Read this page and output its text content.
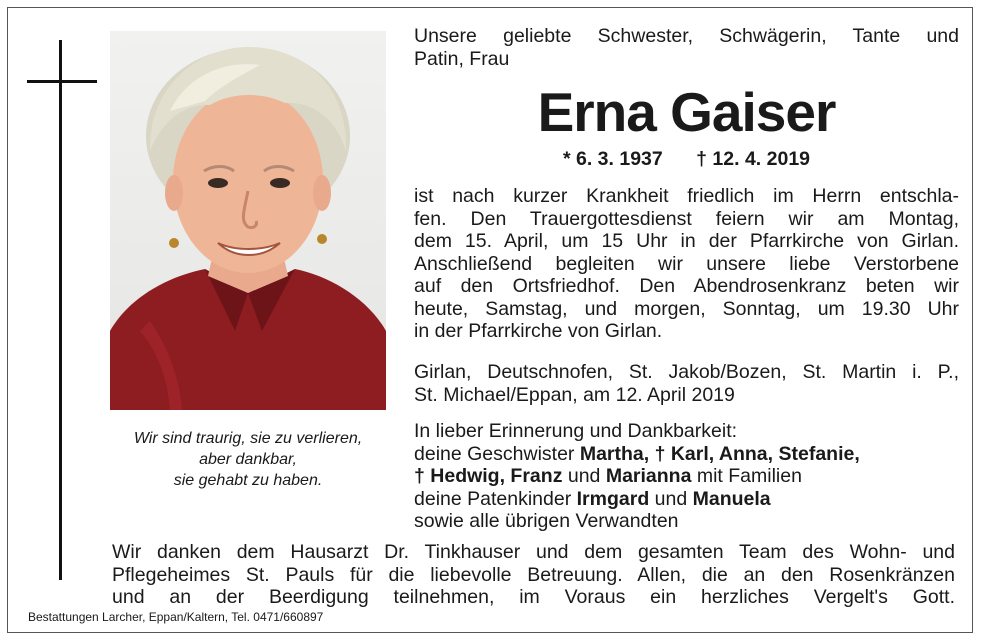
Wir sind traurig, sie zu verlieren,
aber dankbar,
sie gehabt zu haben.
Unsere geliebte Schwester, Schwägerin, Tante und
Patin, Frau
Erna Gaiser
* 6. 3. 1937 † 12. 4. 2019
ist nach kurzer Krankheit friedlich im Herrn entschla-
fen. Den Trauergottesdienst feiern wir am Montag,
dem 15. April, um 15 Uhr in der Pfarrkirche von Girlan.
Anschließend begleiten wir unsere liebe Verstorbene
auf den Ortsfriedhof. Den Abendrosenkranz beten wir
heute, Samstag, und morgen, Sonntag, um 19.30 Uhr
in der Pfarrkirche von Girlan.
Girlan, Deutschnofen, St. Jakob/Bozen, St. Martin i. P.,
St. Michael/Eppan, am 12. April 2019
In lieber Erinnerung und Dankbarkeit:
deine Geschwister Martha, † Karl, Anna, Stefanie,
† Hedwig, Franz und Marianna mit Familien
deine Patenkinder Irmgard und Manuela
sowie alle übrigen Verwandten
Wir danken dem Hausarzt Dr. Tinkhauser und dem gesamten Team des Wohn- und
Pflegeheimes St. Pauls für die liebevolle Betreuung. Allen, die an den Rosenkränzen
und an der Beerdigung teilnehmen, im Voraus ein herzliches Vergelt's Gott.
Bestattungen Larcher, Eppan/Kaltern, Tel. 0471/660897
